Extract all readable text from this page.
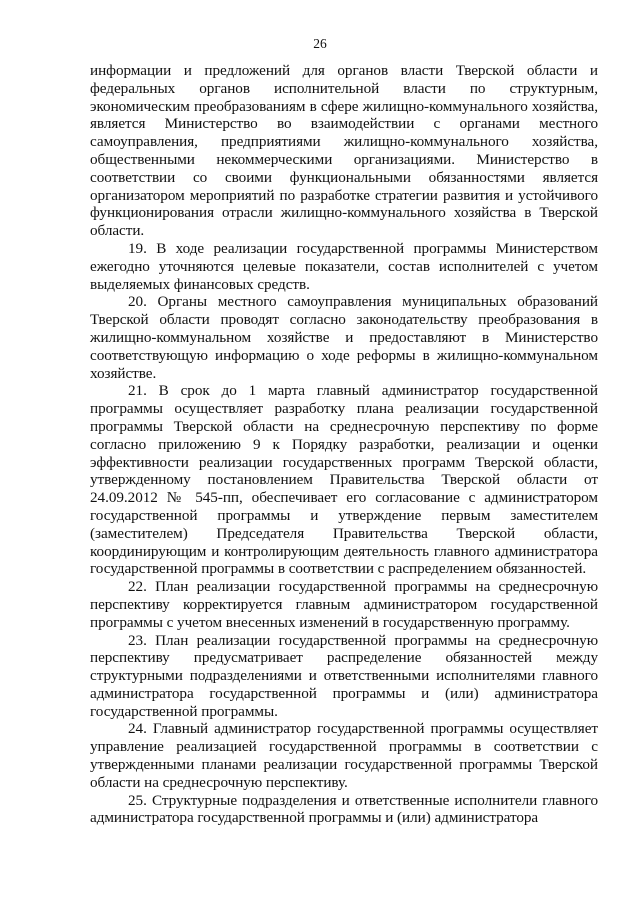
26

информации и предложений для органов власти Тверской области и федеральных органов исполнительной власти по структурным, экономическим преобразованиям в сфере жилищно-коммунального хозяйства, является Министерство во взаимодействии с органами местного самоуправления, предприятиями жилищно-коммунального хозяйства, общественными некоммерческими организациями. Министерство в соответствии со своими функциональными обязанностями является организатором мероприятий по разработке стратегии развития и устойчивого функционирования отрасли жилищно-коммунального хозяйства в Тверской области.

19. В ходе реализации государственной программы Министерством ежегодно уточняются целевые показатели, состав исполнителей с учетом выделяемых финансовых средств.

20. Органы местного самоуправления муниципальных образований Тверской области проводят согласно законодательству преобразования в жилищно-коммунальном хозяйстве и предоставляют в Министерство соответствующую информацию о ходе реформы в жилищно-коммунальном хозяйстве.

21. В срок до 1 марта главный администратор государственной программы осуществляет разработку плана реализации государственной программы Тверской области на среднесрочную перспективу по форме согласно приложению 9 к Порядку разработки, реализации и оценки эффективности реализации государственных программ Тверской области, утвержденному постановлением Правительства Тверской области от 24.09.2012 № 545-пп, обеспечивает его согласование с администратором государственной программы и утверждение первым заместителем (заместителем) Председателя Правительства Тверской области, координирующим и контролирующим деятельность главного администратора государственной программы в соответствии с распределением обязанностей.

22. План реализации государственной программы на среднесрочную перспективу корректируется главным администратором государственной программы с учетом внесенных изменений в государственную программу.

23. План реализации государственной программы на среднесрочную перспективу предусматривает распределение обязанностей между структурными подразделениями и ответственными исполнителями главного администратора государственной программы и (или) администратора государственной программы.

24. Главный администратор государственной программы осуществляет управление реализацией государственной программы в соответствии с утвержденными планами реализации государственной программы Тверской области на среднесрочную перспективу.

25. Структурные подразделения и ответственные исполнители главного администратора государственной программы и (или) администратора
